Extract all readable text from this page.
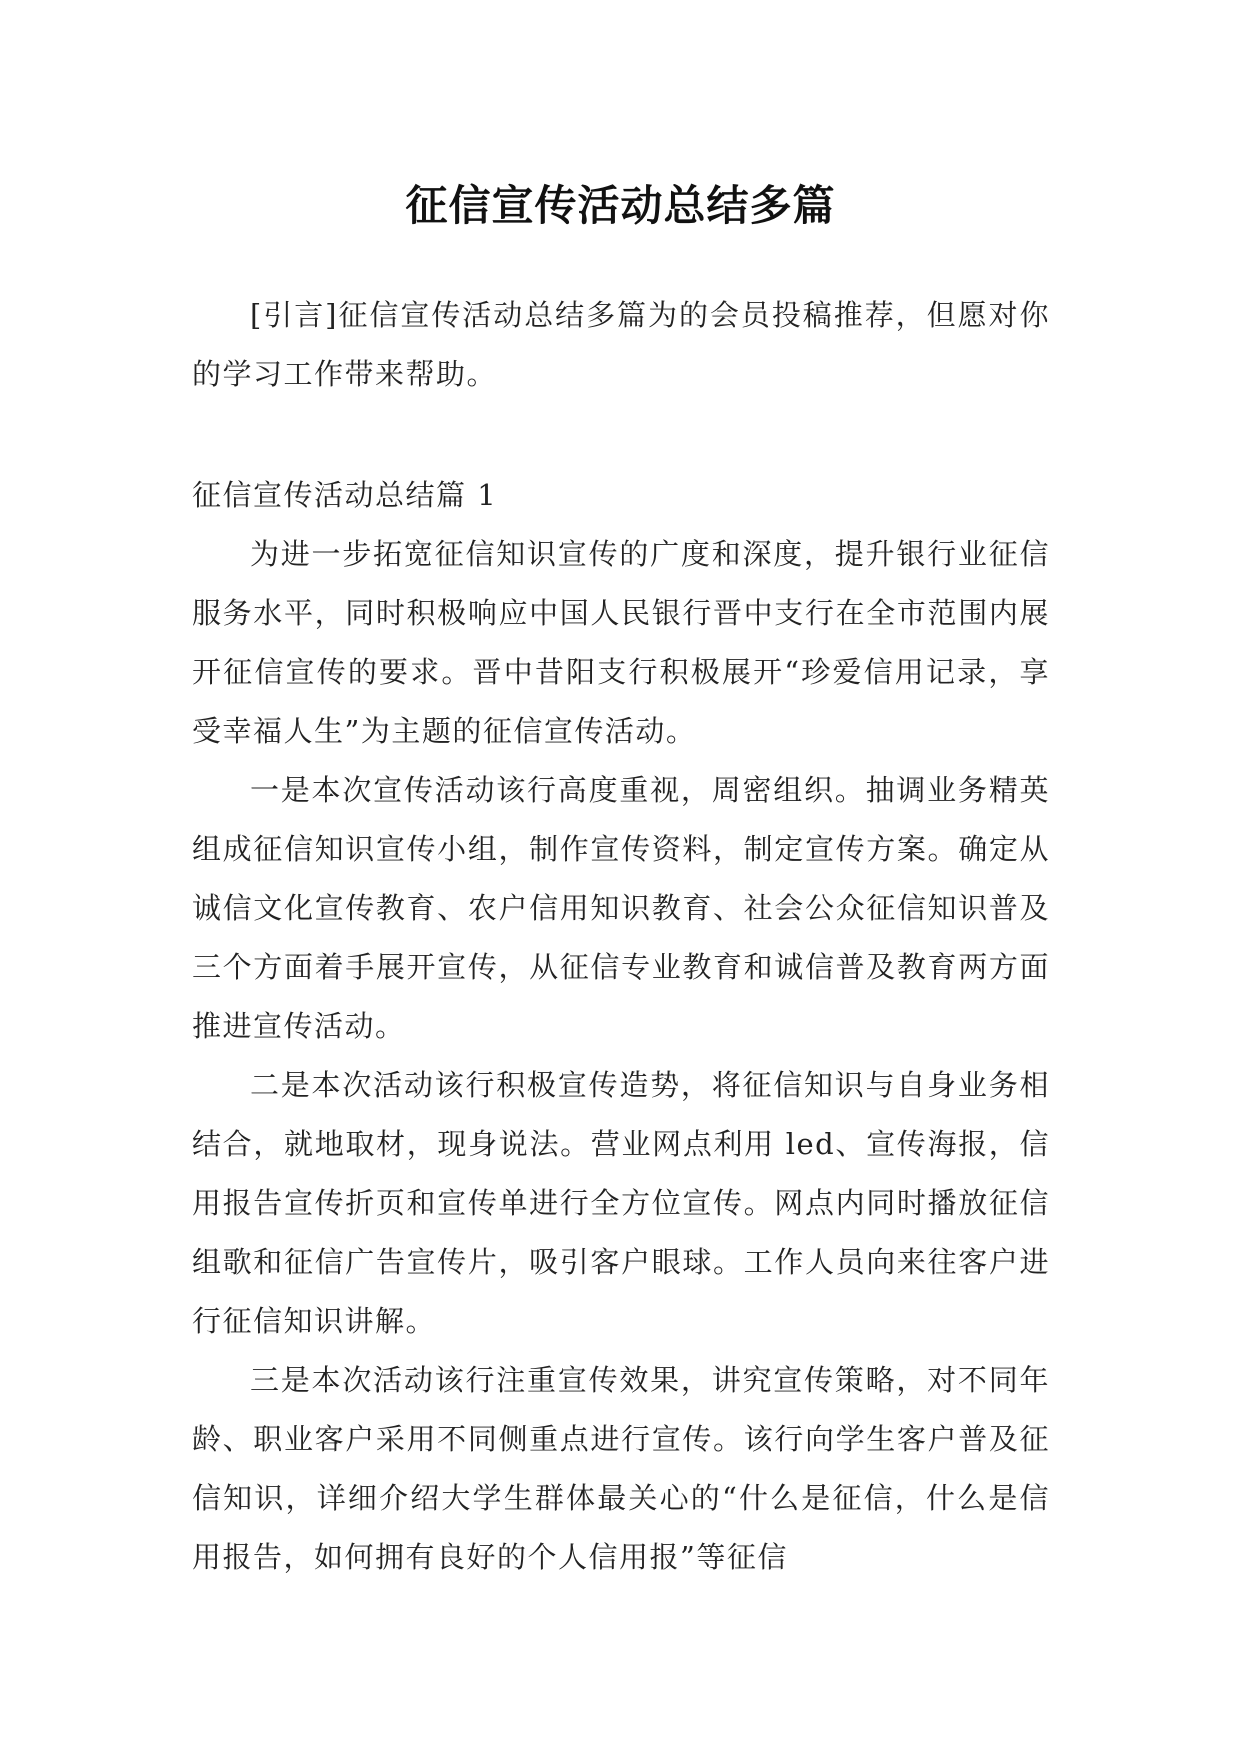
征信宣传活动总结多篇

[引言]征信宣传活动总结多篇为的会员投稿推荐，但愿对你的学习工作带来帮助。

征信宣传活动总结篇 1

为进一步拓宽征信知识宣传的广度和深度，提升银行业征信服务水平，同时积极响应中国人民银行晋中支行在全市范围内展开征信宣传的要求。晋中昔阳支行积极展开“珍爱信用记录，享受幸福人生”为主题的征信宣传活动。

一是本次宣传活动该行高度重视，周密组织。抽调业务精英组成征信知识宣传小组，制作宣传资料，制定宣传方案。确定从诚信文化宣传教育、农户信用知识教育、社会公众征信知识普及三个方面着手展开宣传，从征信专业教育和诚信普及教育两方面推进宣传活动。

二是本次活动该行积极宣传造势，将征信知识与自身业务相结合，就地取材，现身说法。营业网点利用 led、宣传海报，信用报告宣传折页和宣传单进行全方位宣传。网点内同时播放征信组歌和征信广告宣传片，吸引客户眼球。工作人员向来往客户进行征信知识讲解。

三是本次活动该行注重宣传效果，讲究宣传策略，对不同年龄、职业客户采用不同侧重点进行宣传。该行向学生客户普及征信知识，详细介绍大学生群体最关心的“什么是征信，什么是信用报告，如何拥有良好的个人信用报”等征信
